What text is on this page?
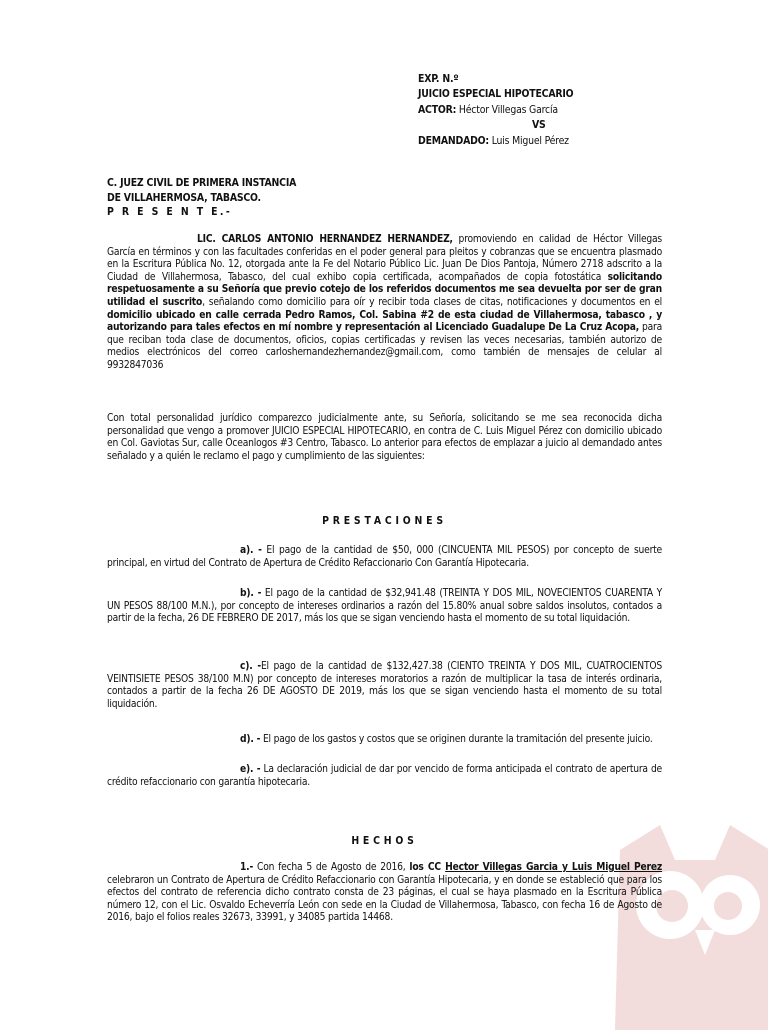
EXP. N.º
JUICIO ESPECIAL HIPOTECARIO
ACTOR: Héctor Villegas García
VS
DEMANDADO: Luis Miguel Pérez
C. JUEZ CIVIL DE PRIMERA INSTANCIA
DE VILLAHERMOSA, TABASCO.
P R E S E N T E.-
LIC. CARLOS ANTONIO HERNANDEZ HERNANDEZ, promoviendo en calidad de Héctor Villegas García en términos y con las facultades conferidas en el poder general para pleitos y cobranzas que se encuentra plasmado en la Escritura Pública No. 12, otorgada ante la Fe del Notario Público Lic. Juan De Dios Pantoja, Número 2718 adscrito a la Ciudad de Villahermosa, Tabasco, del cual exhibo copia certificada, acompañados de copia fotostática solicitando respetuosamente a su Señoría que previo cotejo de los referidos documentos me sea devuelta por ser de gran utilidad el suscrito, señalando como domicilio para oír y recibir toda clases de citas, notificaciones y documentos en el domicilio ubicado en calle cerrada Pedro Ramos, Col. Sabina #2 de esta ciudad de Villahermosa, tabasco , y autorizando para tales efectos en mí nombre y representación al Licenciado Guadalupe De La Cruz Acopa, para que reciban toda clase de documentos, oficios, copias certificadas y revisen las veces necesarias, también autorizo de medios electrónicos del correo carloshernandezhernandez@gmail.com, como también de mensajes de celular al 9932847036
Con total personalidad jurídico comparezco judicialmente ante, su Señoría, solicitando se me sea reconocida dicha personalidad que vengo a promover JUICIO ESPECIAL HIPOTECARIO, en contra de C. Luis Miguel Pérez con domicilio ubicado en Col. Gaviotas Sur, calle Oceanlogos #3 Centro, Tabasco. Lo anterior para efectos de emplazar a juicio al demandado antes señalado y a quién le reclamo el pago y cumplimiento de las siguientes:
PRESTACIONES
a). - El pago de la cantidad de $50, 000 (CINCUENTA MIL PESOS) por concepto de suerte principal, en virtud del Contrato de Apertura de Crédito Refaccionario Con Garantía Hipotecaria.
b). - El pago de la cantidad de $32,941.48 (TREINTA Y DOS MIL, NOVECIENTOS CUARENTA Y UN PESOS 88/100 M.N.), por concepto de intereses ordinarios a razón del 15.80% anual sobre saldos insolutos, contados a partir de la fecha, 26 DE FEBRERO DE 2017, más los que se sigan venciendo hasta el momento de su total liquidación.
c). -El pago de la cantidad de $132,427.38 (CIENTO TREINTA Y DOS MIL, CUATROCIENTOS VEINTISIETE PESOS 38/100 M.N) por concepto de intereses moratorios a razón de multiplicar la tasa de interés ordinaria, contados a partir de la fecha 26 DE AGOSTO DE 2019, más los que se sigan venciendo hasta el momento de su total liquidación.
d). - El pago de los gastos y costos que se originen durante la tramitación del presente juicio.
e). - La declaración judicial de dar por vencido de forma anticipada el contrato de apertura de crédito refaccionario con garantía hipotecaria.
HECHOS
1.- Con fecha 5 de Agosto de 2016, los CC Hector Villegas Garcia y Luis Miguel Perez celebraron un Contrato de Apertura de Crédito Refaccionario con Garantía Hipotecaria, y en donde se estableció que para los efectos del contrato de referencia dicho contrato consta de 23 páginas, el cual se haya plasmado en la Escritura Pública número 12, con el Lic. Osvaldo Echeverría León con sede en la Ciudad de Villahermosa, Tabasco, con fecha 16 de Agosto de 2016, bajo el folios reales 32673, 33991, y 34085 partida 14468.
